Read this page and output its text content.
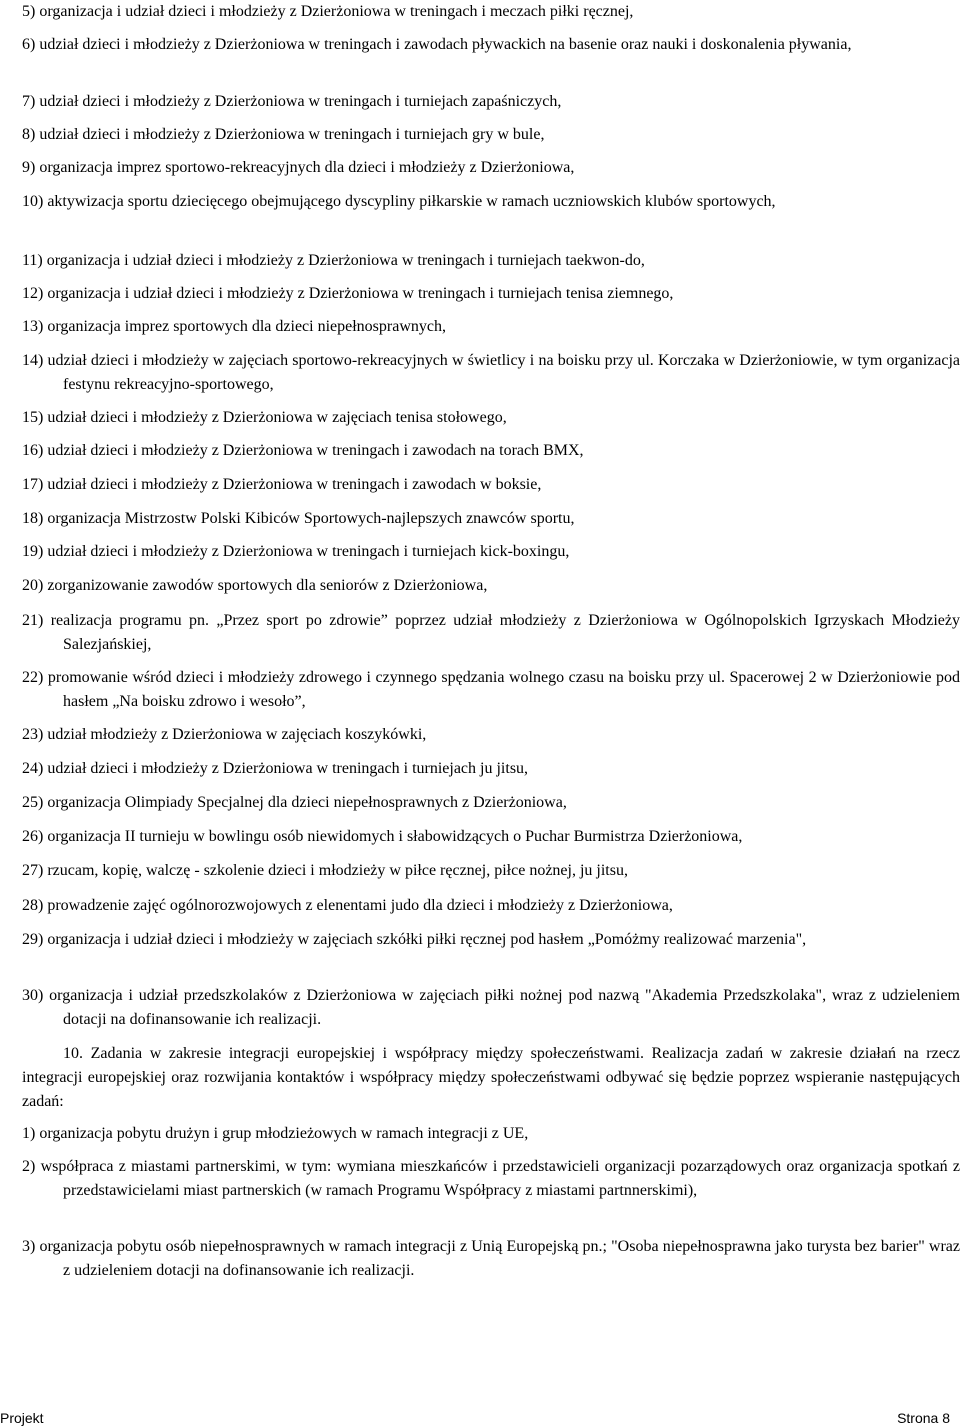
5) organizacja i udział dzieci i młodzieży z Dzierżoniowa w treningach i meczach piłki ręcznej,
6) udział dzieci i młodzieży z Dzierżoniowa w treningach i zawodach pływackich na basenie oraz nauki i doskonalenia pływania,
7) udział dzieci i młodzieży z Dzierżoniowa w treningach i turniejach zapaśniczych,
8) udział dzieci i młodzieży z Dzierżoniowa w treningach i turniejach gry w bule,
9) organizacja imprez sportowo-rekreacyjnych dla dzieci i młodzieży z Dzierżoniowa,
10) aktywizacja sportu dziecięcego obejmującego dyscypliny piłkarskie w ramach uczniowskich klubów sportowych,
11) organizacja i udział dzieci i młodzieży z Dzierżoniowa w treningach i turniejach taekwon-do,
12) organizacja i udział dzieci i młodzieży z Dzierżoniowa w treningach i turniejach tenisa ziemnego,
13) organizacja imprez sportowych dla dzieci niepełnosprawnych,
14) udział dzieci i młodzieży w zajęciach sportowo-rekreacyjnych w świetlicy i na boisku przy ul. Korczaka w Dzierżoniowie, w tym organizacja festynu rekreacyjno-sportowego,
15) udział dzieci i młodzieży z Dzierżoniowa w zajęciach tenisa stołowego,
16) udział dzieci i młodzieży z Dzierżoniowa w treningach i zawodach na torach BMX,
17) udział dzieci i młodzieży z Dzierżoniowa w treningach i zawodach w boksie,
18) organizacja Mistrzostw Polski Kibiców Sportowych-najlepszych znawców sportu,
19) udział dzieci i młodzieży z Dzierżoniowa w treningach i turniejach kick-boxingu,
20) zorganizowanie zawodów sportowych dla seniorów z Dzierżoniowa,
21) realizacja programu pn. „Przez sport po zdrowie” poprzez udział młodzieży z Dzierżoniowa w Ogólnopolskich Igrzyskach Młodzieży Salezjańskiej,
22) promowanie wśród dzieci i młodzieży zdrowego i czynnego spędzania wolnego czasu na boisku przy ul. Spacerowej 2 w Dzierżoniowie pod hasłem „Na boisku zdrowo i wesoło”,
23) udział młodzieży z Dzierżoniowa w zajęciach koszykówki,
24) udział dzieci i młodzieży z Dzierżoniowa w treningach i turniejach ju jitsu,
25) organizacja Olimpiady Specjalnej dla dzieci niepełnosprawnych z Dzierżoniowa,
26) organizacja II turnieju w bowlingu osób niewidomych i słabowidzących o Puchar Burmistrza Dzierżoniowa,
27) rzucam, kopię, walczę - szkolenie dzieci i młodzieży w piłce ręcznej, piłce nożnej, ju jitsu,
28) prowadzenie zajęć ogólnorozwojowych z elenentami judo dla dzieci i młodzieży z Dzierżoniowa,
29) organizacja i udział dzieci i młodzieży w zajęciach szkółki piłki ręcznej pod hasłem „Pomóżmy realizować marzenia",
30) organizacja i udział przedszkolaków z Dzierżoniowa w zajęciach piłki nożnej pod nazwą "Akademia Przedszkolaka", wraz z udzieleniem dotacji na dofinansowanie ich realizacji.
10. Zadania w zakresie integracji europejskiej i współpracy między społeczeństwami. Realizacja zadań w zakresie działań na rzecz integracji europejskiej oraz rozwijania kontaktów i współpracy między społeczeństwami odbywać się będzie poprzez wspieranie następujących zadań:
1) organizacja pobytu drużyn i grup młodzieżowych w ramach integracji z UE,
2) współpraca z miastami partnerskimi, w tym: wymiana mieszkańców i przedstawicieli organizacji pozarządowych oraz organizacja spotkań z przedstawicielami miast partnerskich (w ramach Programu Współpracy z miastami partnnerskimi),
3) organizacja pobytu osób niepełnosprawnych w ramach integracji z Unią Europejską pn.; "Osoba niepełnosprawna jako turysta bez barier" wraz z udzieleniem dotacji na dofinansowanie ich realizacji.
Projekt	Strona 8
